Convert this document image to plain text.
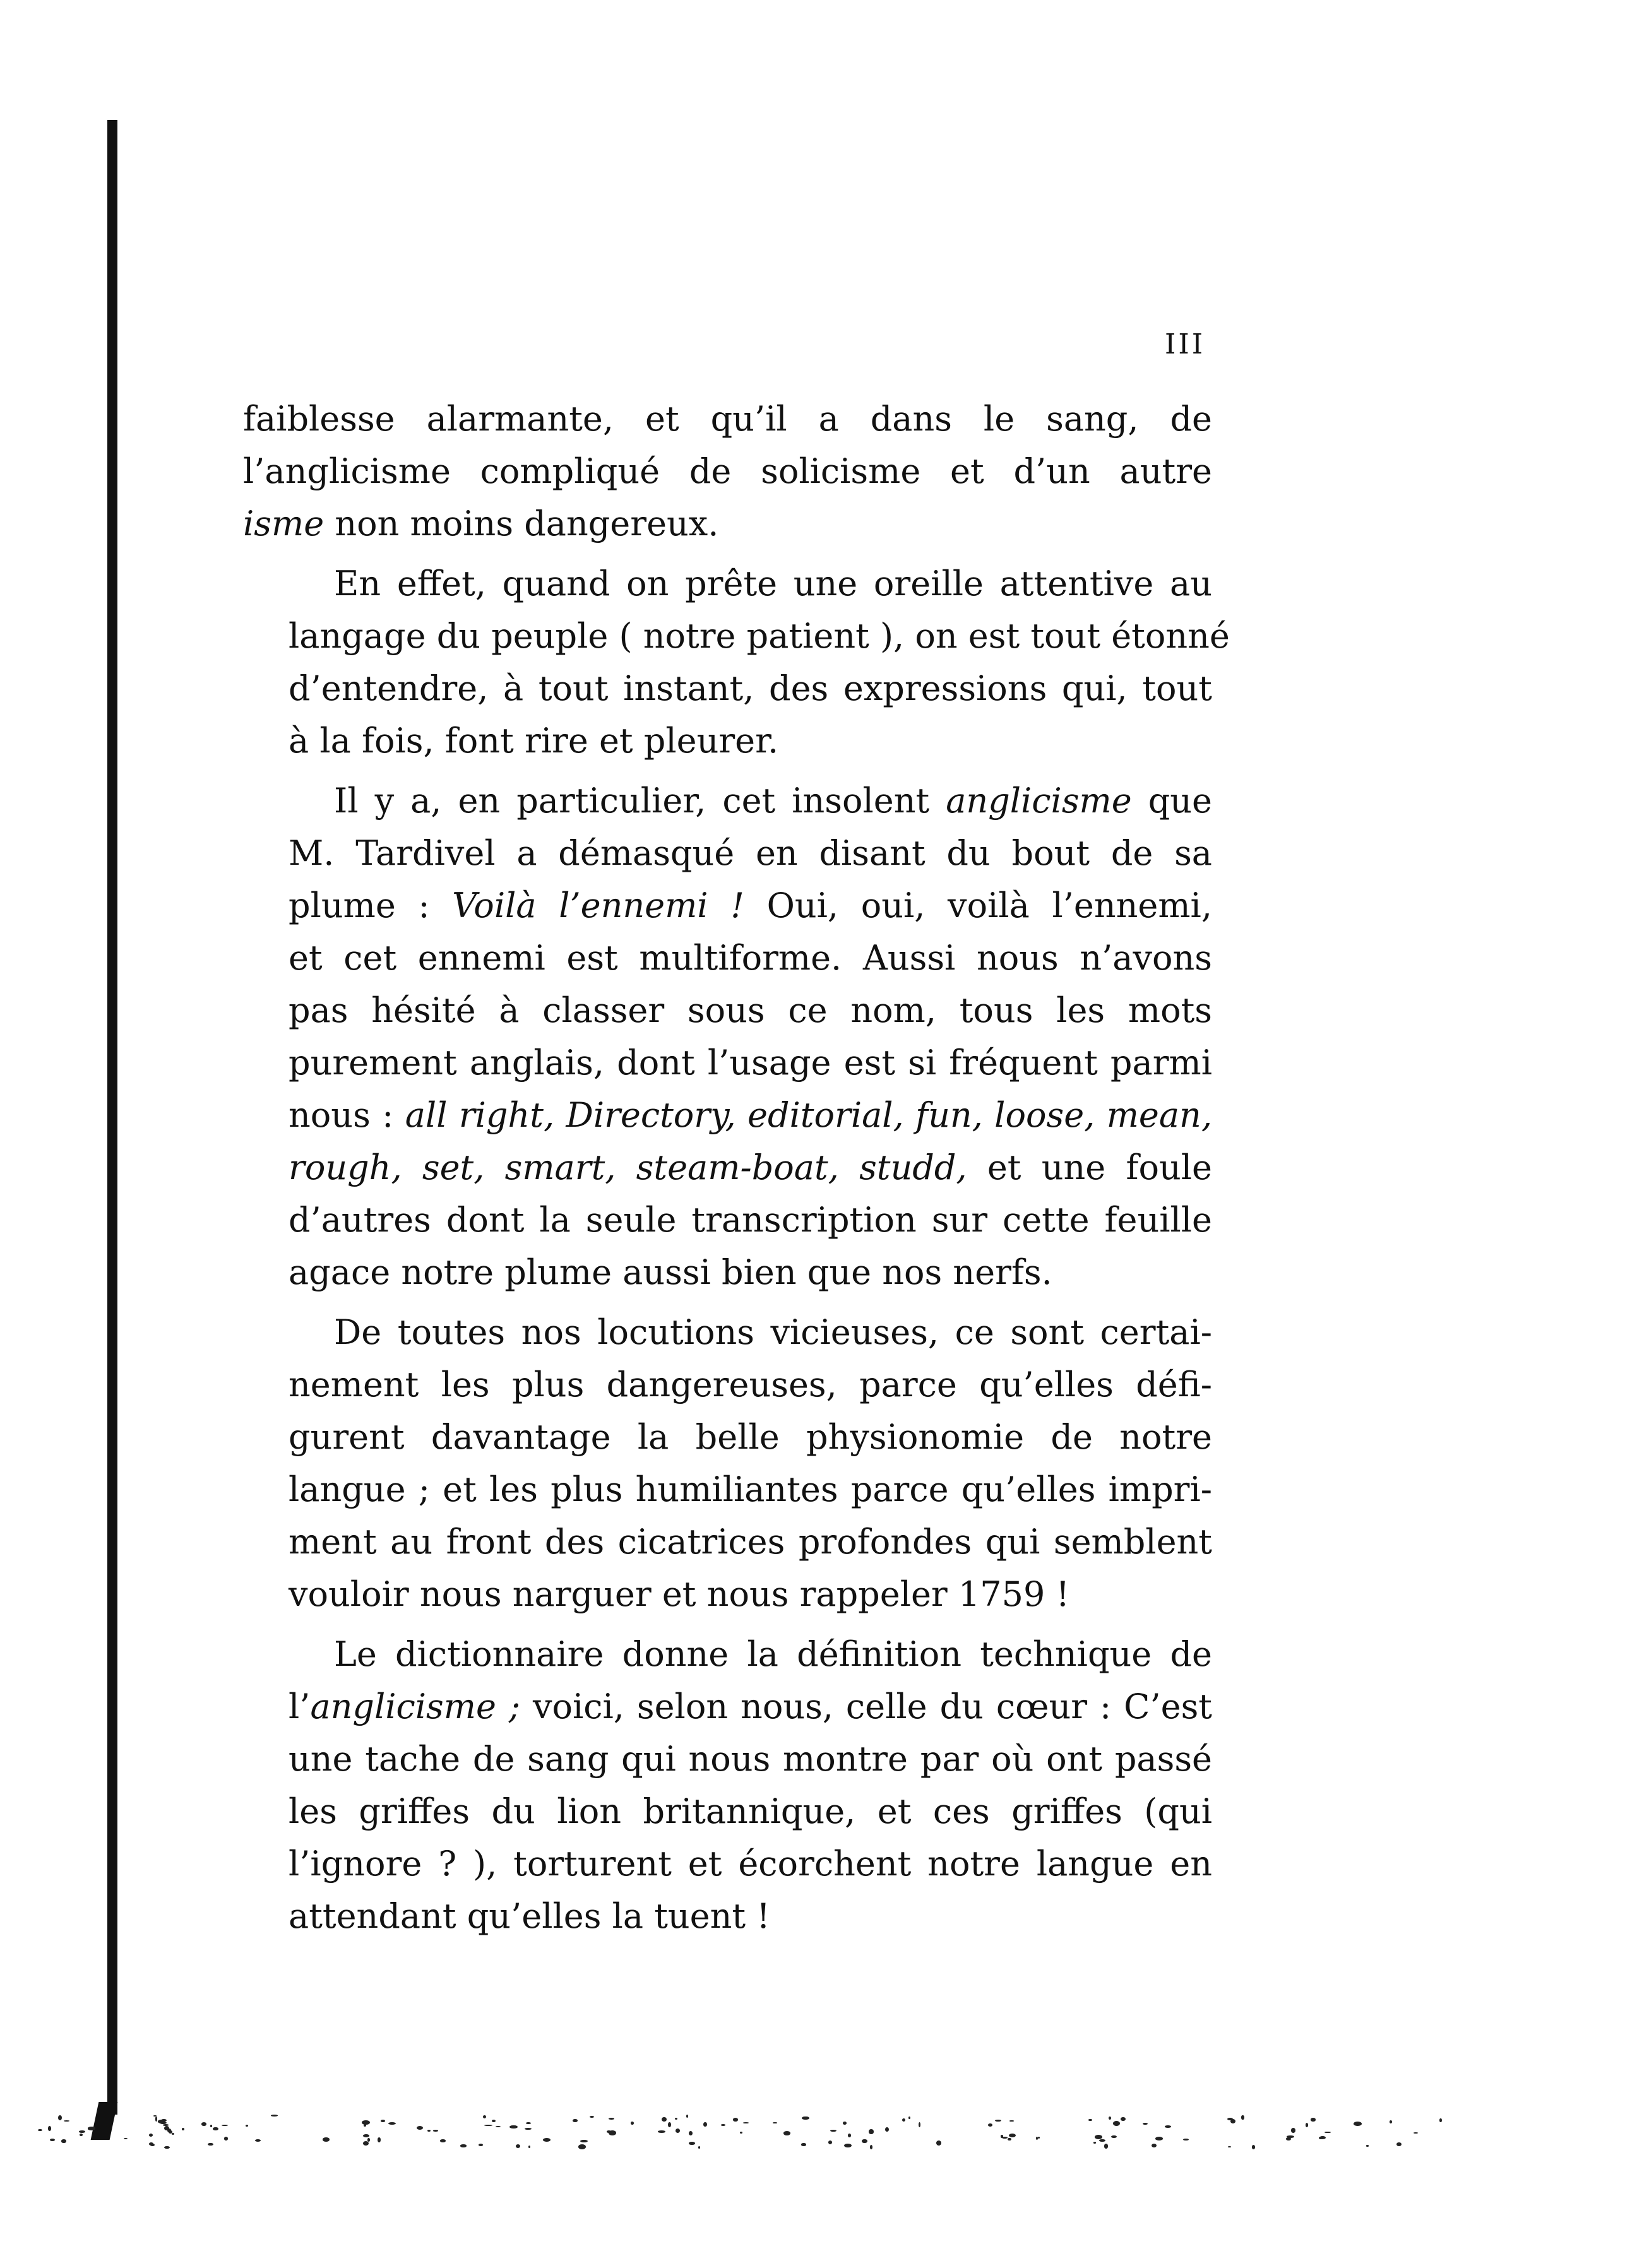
III
faiblesse alarmante, et qu’il a dans le sang, de
l’anglicisme compliqué de solicisme et d’un autre
isme non moins dangereux.
En effet, quand on prête une oreille attentive au
langage du peuple ( notre patient ), on est tout étonné
d’entendre, à tout instant, des expressions qui, tout
à la fois, font rire et pleurer.
Il y a, en particulier, cet insolent anglicisme que
M. Tardivel a démasqué en disant du bout de sa
plume : Voilà l’ennemi ! Oui, oui, voilà l’ennemi,
et cet ennemi est multiforme. Aussi nous n’avons
pas hésité à classer sous ce nom, tous les mots
purement anglais, dont l’usage est si fréquent parmi
nous : all right, Directory, editorial, fun, loose, mean,
rough, set, smart, steam-boat, studd, et une foule
d’autres dont la seule transcription sur cette feuille
agace notre plume aussi bien que nos nerfs.
De toutes nos locutions vicieuses, ce sont certai-
nement les plus dangereuses, parce qu’elles défi-
gurent davantage la belle physionomie de notre
langue ; et les plus humiliantes parce qu’elles impri-
ment au front des cicatrices profondes qui semblent
vouloir nous narguer et nous rappeler 1759 !
Le dictionnaire donne la définition technique de
l’anglicisme ; voici, selon nous, celle du cœur : C’est
une tache de sang qui nous montre par où ont passé
les griffes du lion britannique, et ces griffes (qui
l’ignore ? ), torturent et écorchent notre langue en
attendant qu’elles la tuent !
